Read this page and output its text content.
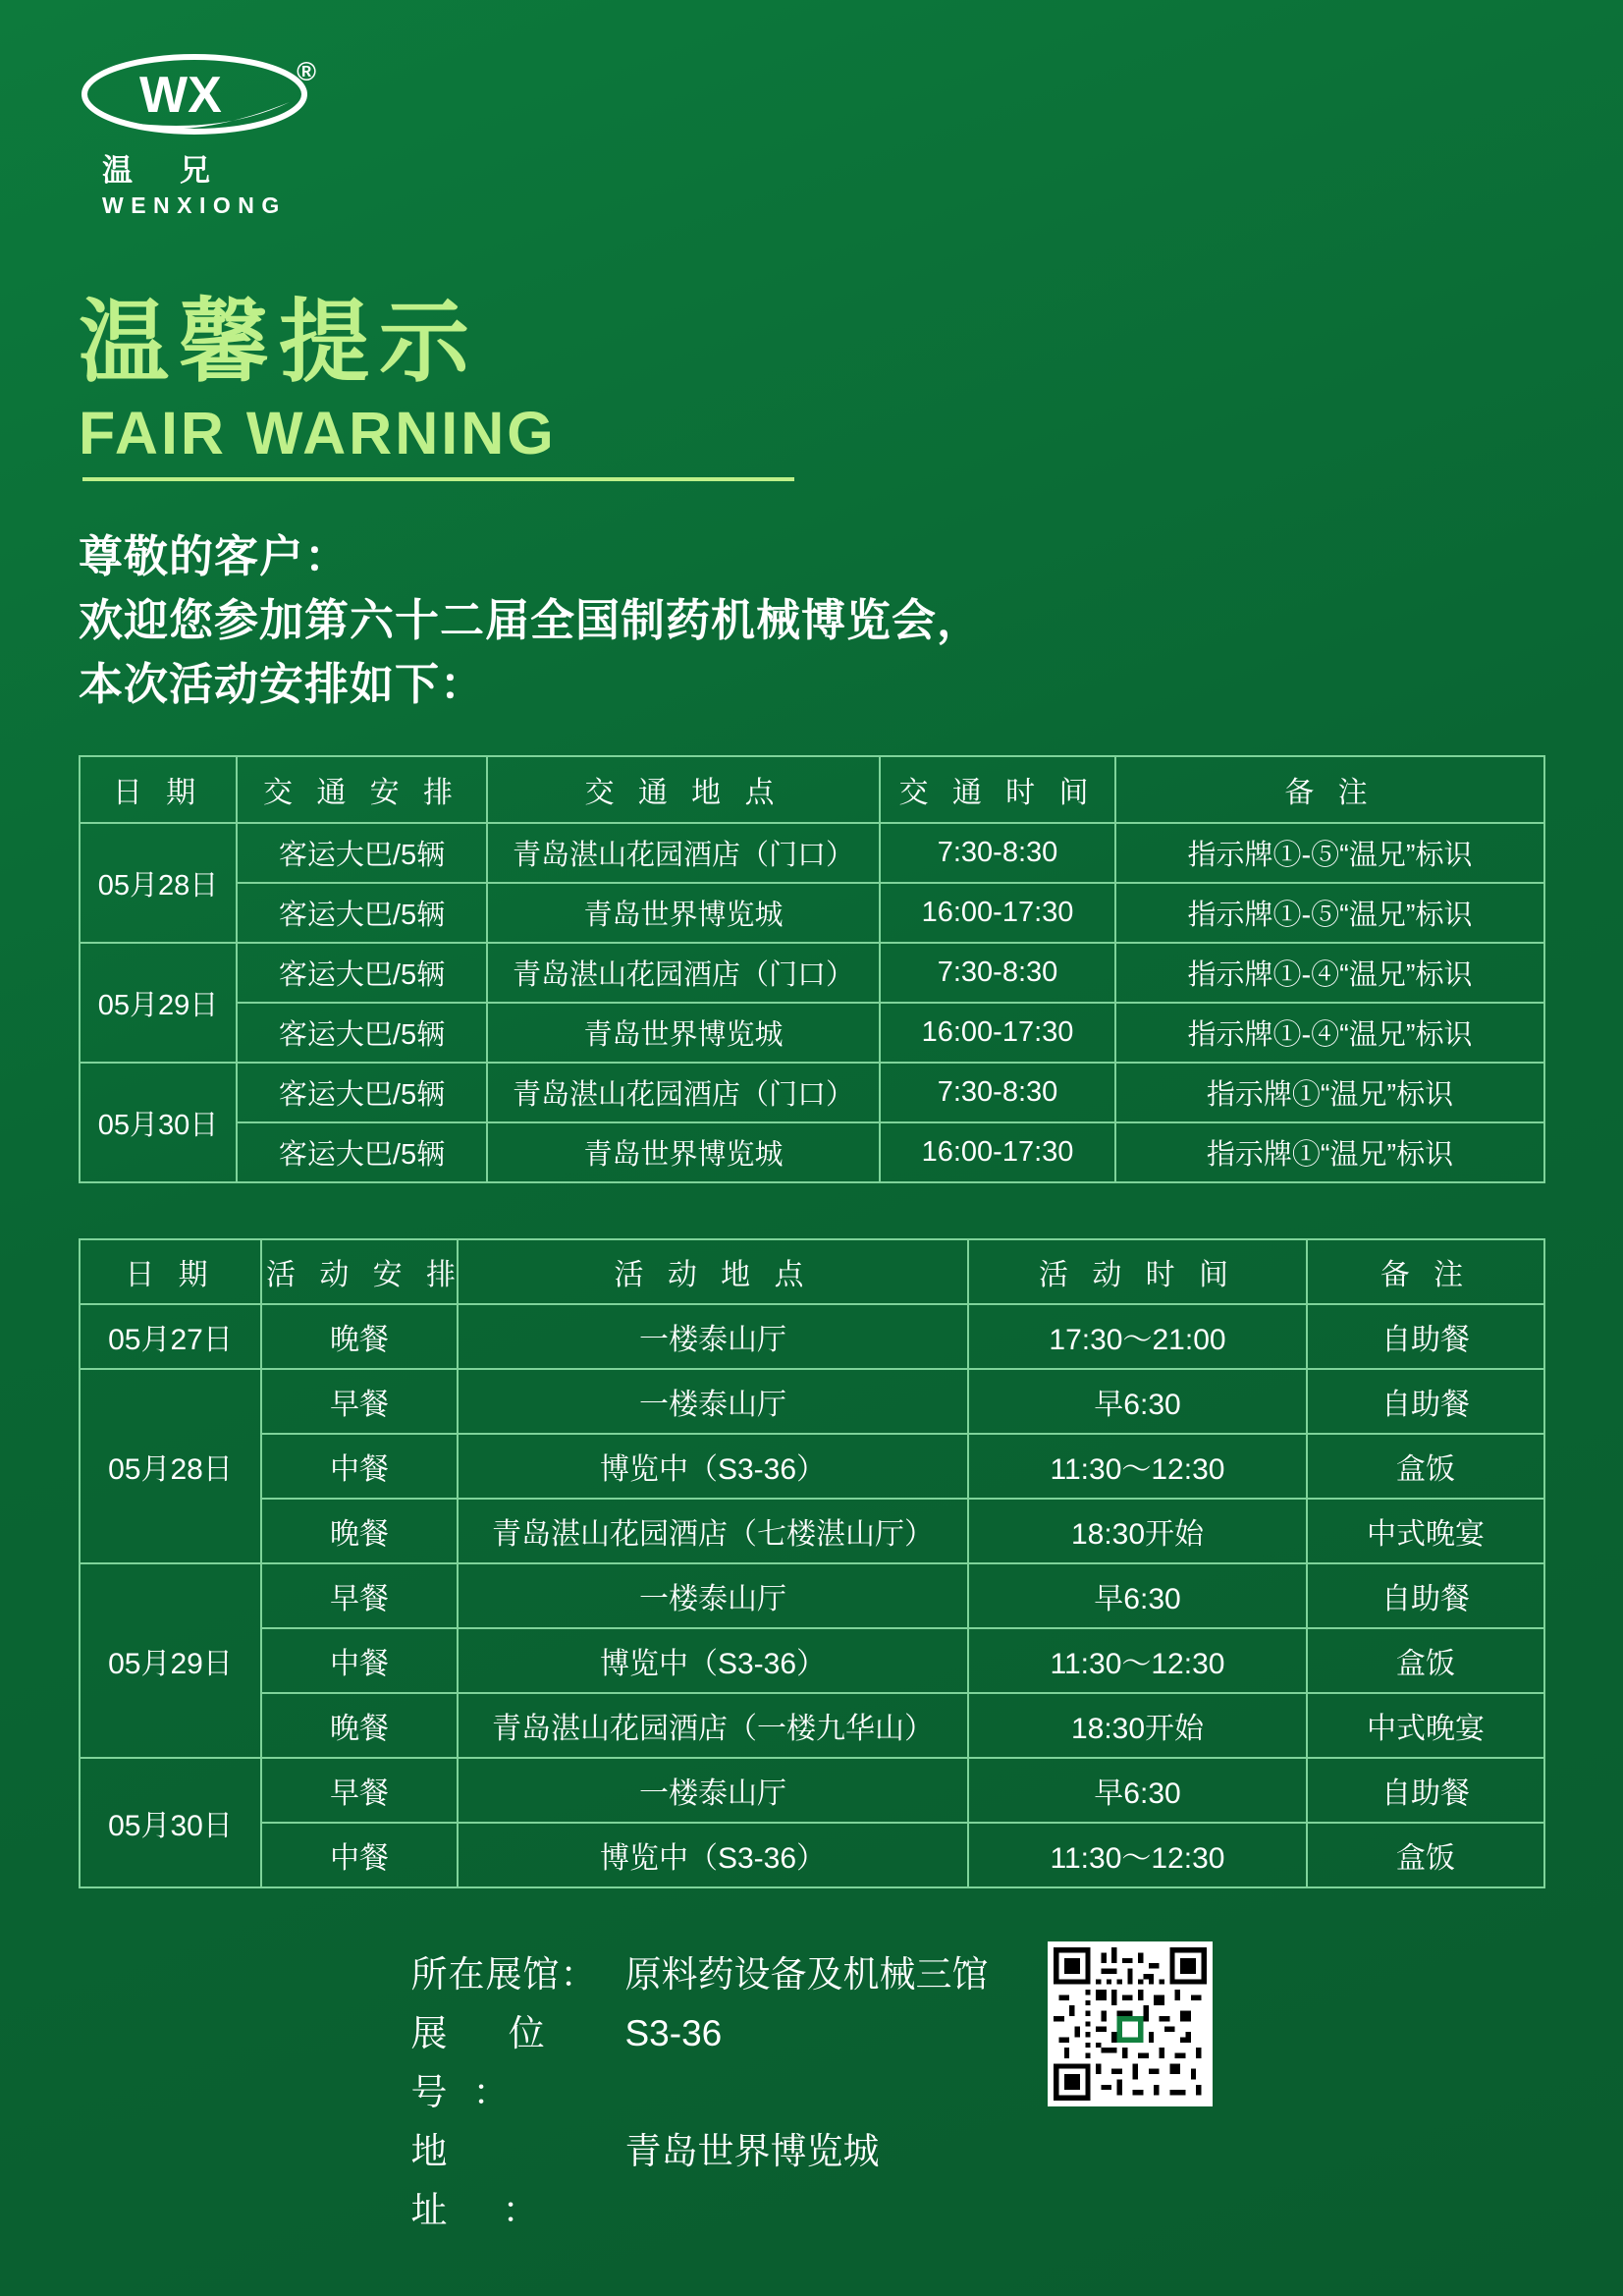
WX	®
温兄
WENXIONG
温馨提示
FAIR WARNING
尊敬的客户：
欢迎您参加第六十二届全国制药机械博览会，
本次活动安排如下：
日 期	交 通 安 排	交 通 地 点	交 通 时 间	备 注
05月28日	客运大巴/5辆	青岛湛山花园酒店（门口）	7:30-8:30	指示牌①-⑤“温兄”标识
	客运大巴/5辆	青岛世界博览城	16:00-17:30	指示牌①-⑤“温兄”标识
05月29日	客运大巴/5辆	青岛湛山花园酒店（门口）	7:30-8:30	指示牌①-④“温兄”标识
	客运大巴/5辆	青岛世界博览城	16:00-17:30	指示牌①-④“温兄”标识
05月30日	客运大巴/5辆	青岛湛山花园酒店（门口）	7:30-8:30	指示牌①“温兄”标识
	客运大巴/5辆	青岛世界博览城	16:00-17:30	指示牌①“温兄”标识
日 期	活 动 安 排	活 动 地 点	活 动 时 间	备 注
05月27日	晚餐	一楼泰山厅	17:30～21:00	自助餐
05月28日	早餐	一楼泰山厅	早6:30	自助餐
	中餐	博览中（S3-36）	11:30～12:30	盒饭
	晚餐	青岛湛山花园酒店（七楼湛山厅）	18:30开始	中式晚宴
05月29日	早餐	一楼泰山厅	早6:30	自助餐
	中餐	博览中（S3-36）	11:30～12:30	盒饭
	晚餐	青岛湛山花园酒店（一楼九华山）	18:30开始	中式晚宴
05月30日	早餐	一楼泰山厅	早6:30	自助餐
	中餐	博览中（S3-36）	11:30～12:30	盒饭
所在展馆： 原料药设备及机械三馆
展 位 号：
S3-36
地 址：
青岛世界博览城
